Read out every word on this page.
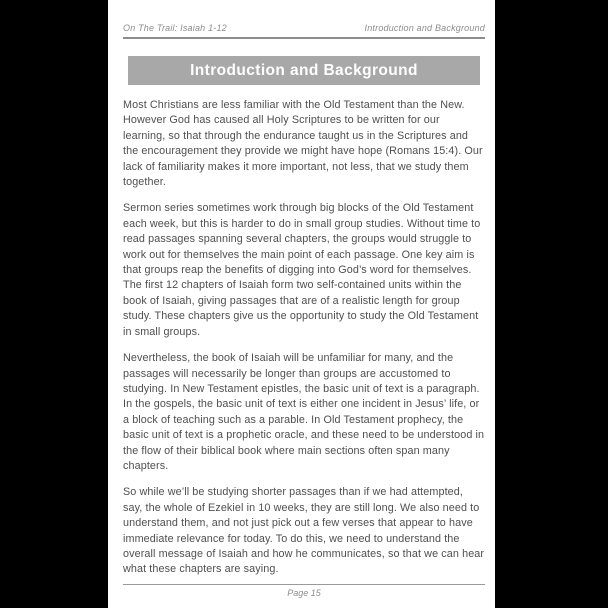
On The Trail: Isaiah 1-12	Introduction and Background
Introduction and Background

Most Christians are less familiar with the Old Testament than the New. However God has caused all Holy Scriptures to be written for our learning, so that through the endurance taught us in the Scriptures and the encouragement they provide we might have hope (Romans 15:4). Our lack of familiarity makes it more important, not less, that we study them together.

Sermon series sometimes work through big blocks of the Old Testament each week, but this is harder to do in small group studies. Without time to read passages spanning several chapters, the groups would struggle to work out for themselves the main point of each passage. One key aim is that groups reap the benefits of digging into God’s word for themselves. The first 12 chapters of Isaiah form two self-contained units within the book of Isaiah, giving passages that are of a realistic length for group study. These chapters give us the opportunity to study the Old Testament in small groups.

Nevertheless, the book of Isaiah will be unfamiliar for many, and the passages will necessarily be longer than groups are accustomed to studying. In New Testament epistles, the basic unit of text is a paragraph. In the gospels, the basic unit of text is either one incident in Jesus’ life, or a block of teaching such as a parable. In Old Testament prophecy, the basic unit of text is a prophetic oracle, and these need to be understood in the flow of their biblical book where main sections often span many chapters.

So while we’ll be studying shorter passages than if we had attempted, say, the whole of Ezekiel in 10 weeks, they are still long. We also need to understand them, and not just pick out a few verses that appear to have immediate relevance for today. To do this, we need to understand the overall message of Isaiah and how he communicates, so that we can hear what these chapters are saying.

Page 15
